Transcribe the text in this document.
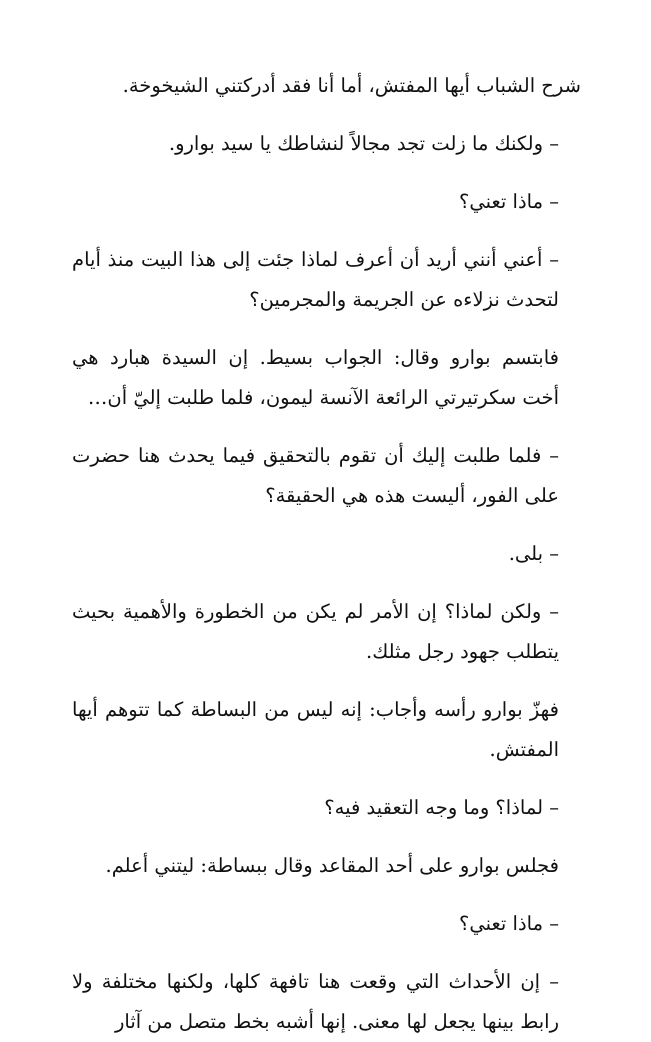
شرح الشباب أيها المفتش، أما أنا فقد أدركتني الشيخوخة.

– ولكنك ما زلت تجد مجالاً لنشاطك يا سيد بوارو.

– ماذا تعني؟

– أعني أنني أريد أن أعرف لماذا جئت إلى هذا البيت منذ أيام لتحدث نزلاءه عن الجريمة والمجرمين؟

فابتسم بوارو وقال: الجواب بسيط. إن السيدة هبارد هي أخت سكرتيرتي الرائعة الآنسة ليمون، فلما طلبت إليّ أن…

– فلما طلبت إليك أن تقوم بالتحقيق فيما يحدث هنا حضرت على الفور، أليست هذه هي الحقيقة؟

– بلى.

– ولكن لماذا؟ إن الأمر لم يكن من الخطورة والأهمية بحيث يتطلب جهود رجل مثلك.

فهزّ بوارو رأسه وأجاب: إنه ليس من البساطة كما تتوهم أيها المفتش.

– لماذا؟ وما وجه التعقيد فيه؟

فجلس بوارو على أحد المقاعد وقال ببساطة: ليتني أعلم.

– ماذا تعني؟

– إن الأحداث التي وقعت هنا تافهة كلها، ولكنها مختلفة ولا رابط بينها يجعل لها معنى. إنها أشبه بخط متصل من آثار
